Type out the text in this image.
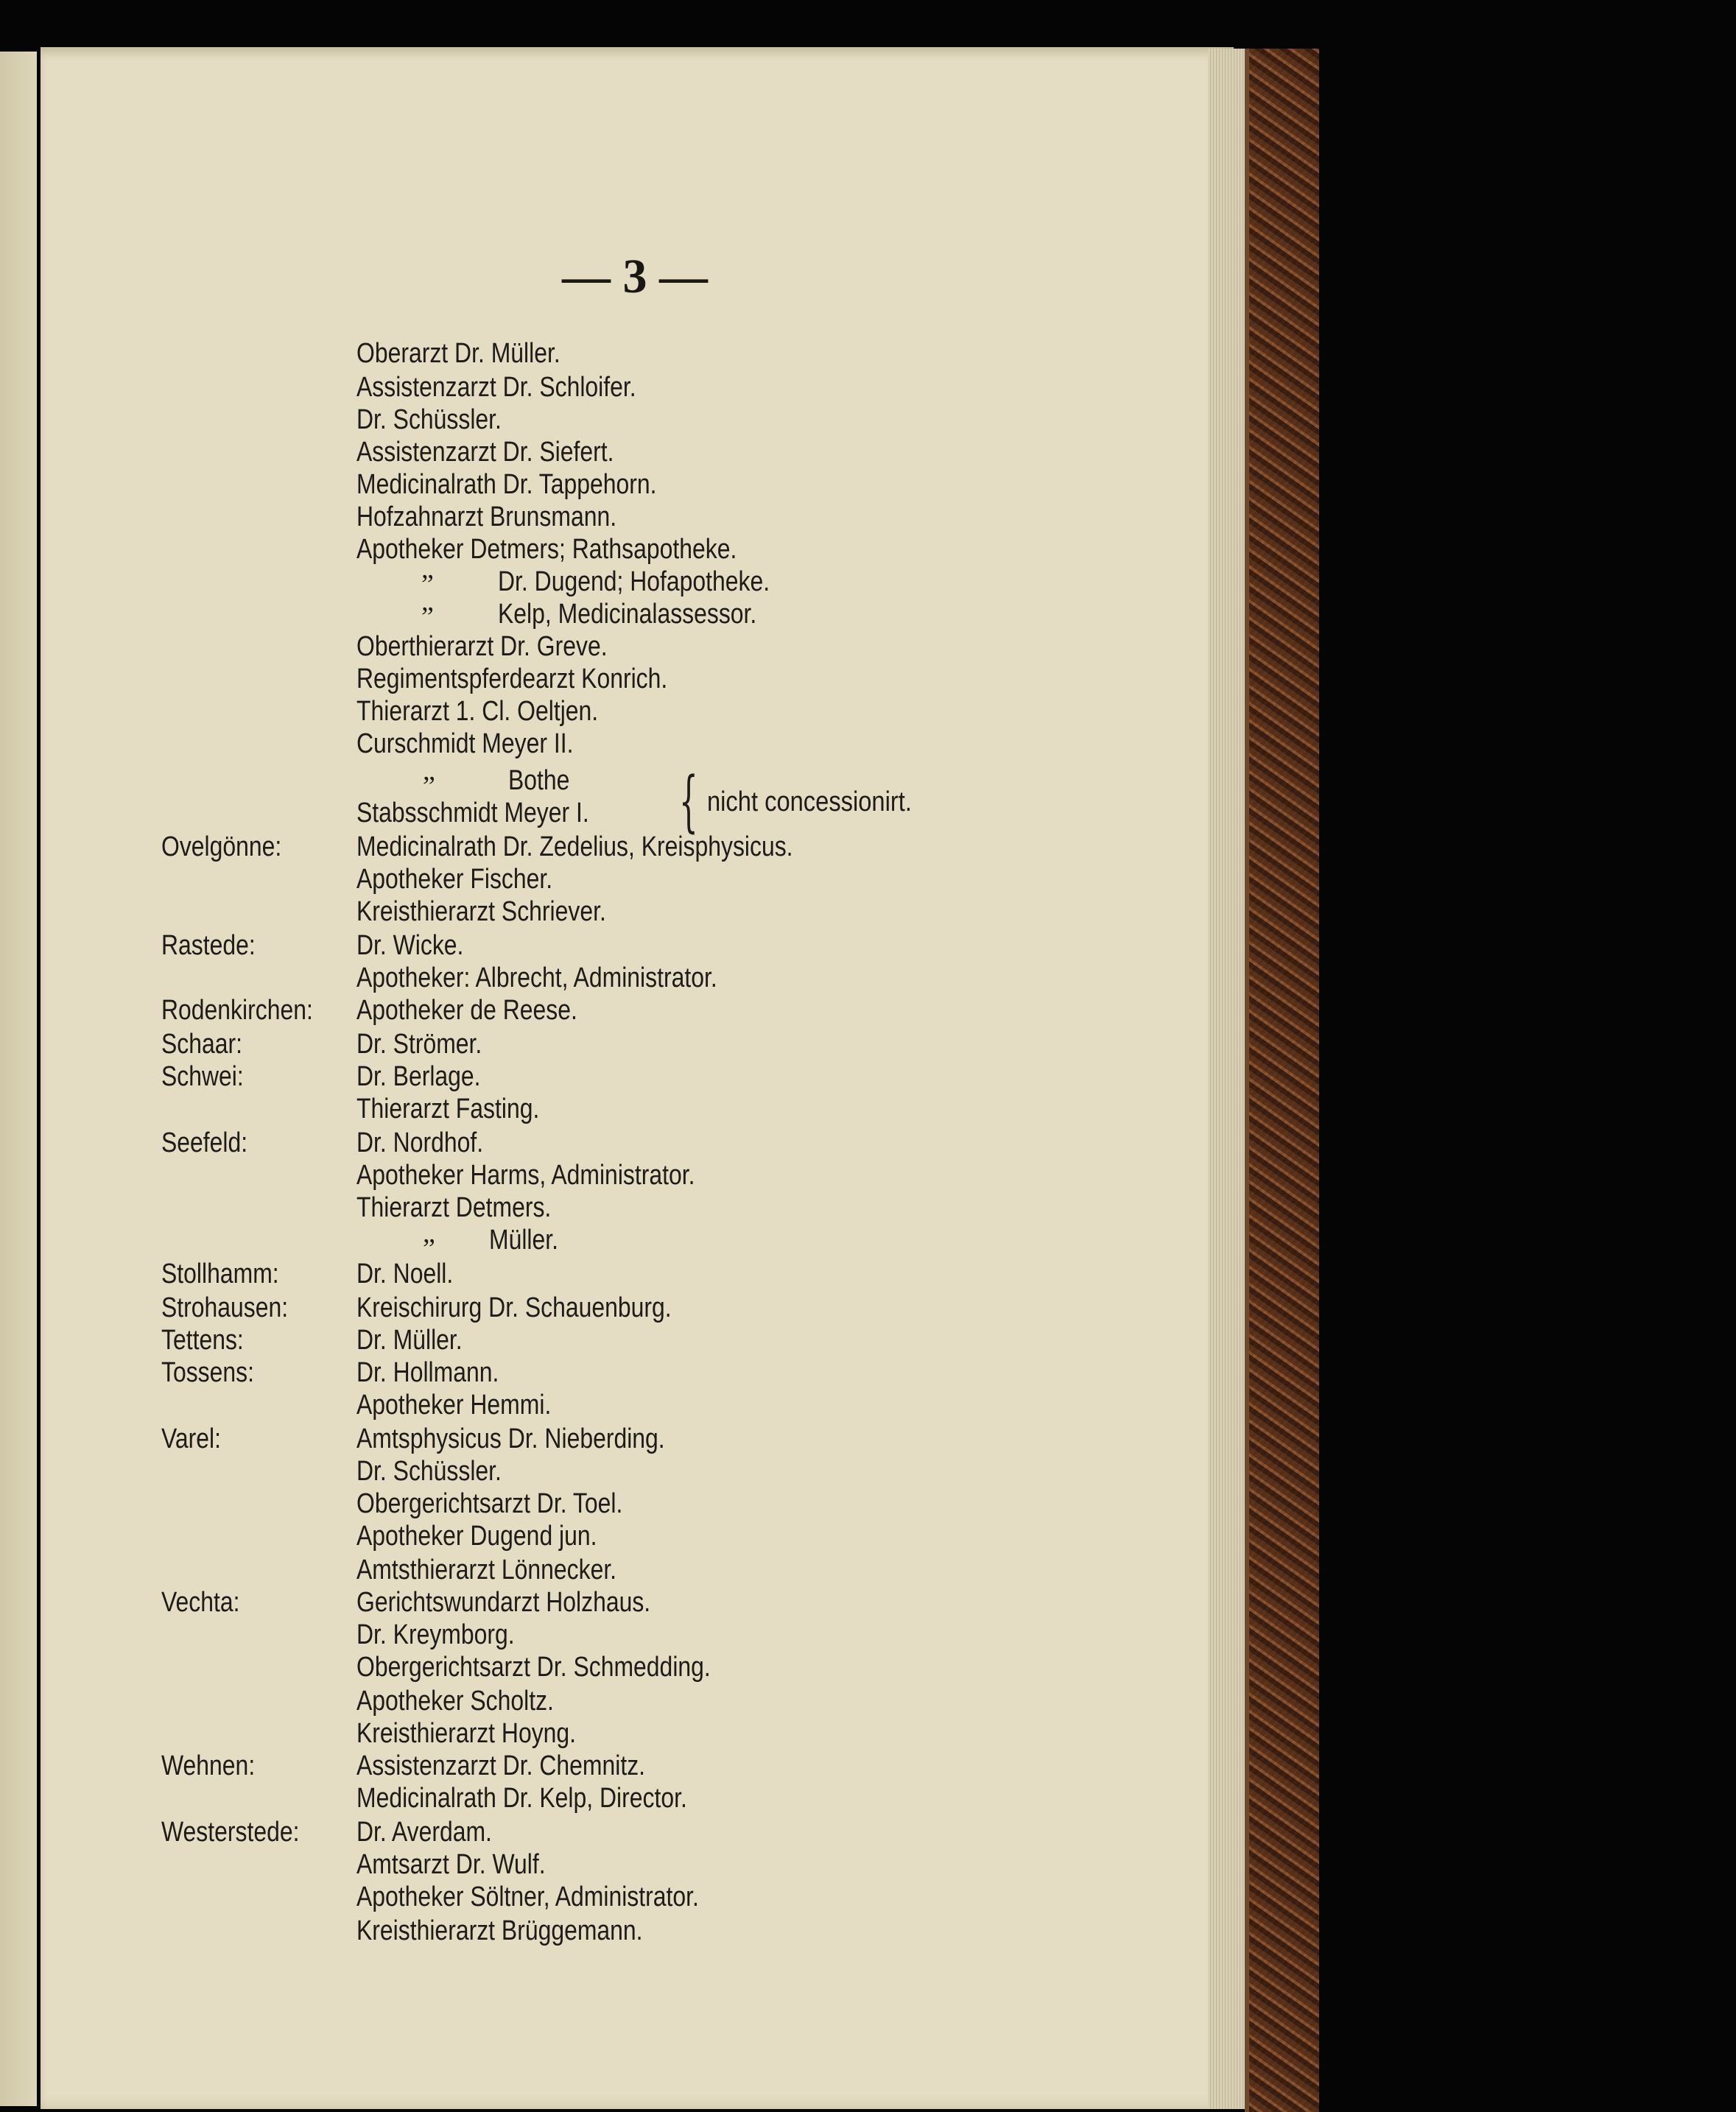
— 3 —
Oberarzt Dr. Müller.
Assistenzarzt Dr. Schloifer.
Dr. Schüssler.
Assistenzarzt Dr. Siefert.
Medicinalrath Dr. Tappehorn.
Hofzahnarzt Brunsmann.
Apotheker Detmers; Rathsapotheke.
” Dr. Dugend; Hofapotheke.
” Kelp, Medicinalassessor.
Oberthierarzt Dr. Greve.
Regimentspferdearzt Konrich.
Thierarzt 1. Cl. Oeltjen.
Curschmidt Meyer II.
”	Bothe
Stabsschmidt Meyer I. { nicht concessionirt.
Ovelgönne:	Medicinalrath Dr. Zedelius, Kreisphysicus.
Apotheker Fischer.
Kreisthierarzt Schriever.
Rastede:	Dr. Wicke.
Apotheker: Albrecht, Administrator.
Rodenkirchen: Apotheker de Reese.
Schaar:	Dr. Strömer.
Schwei:	Dr. Berlage.
Thierarzt Fasting.
Seefeld:	Dr. Nordhof.
Apotheker Harms, Administrator.
Thierarzt Detmers.
” Müller.
Stollhamm:	Dr. Noell.
Strohausen: Kreischirurg Dr. Schauenburg.
Tettens:	Dr. Müller.
Tossens:	Dr. Hollmann.
Apotheker Hemmi.
Varel:	Amtsphysicus Dr. Nieberding.
Dr. Schüssler.
Obergerichtsarzt Dr. Toel.
Apotheker Dugend jun.
Amtsthierarzt Lönnecker.
Vechta:	Gerichtswundarzt Holzhaus.
Dr. Kreymborg.
Obergerichtsarzt Dr. Schmedding.
Apotheker Scholtz.
Kreisthierarzt Hoyng.
Wehnen:	Assistenzarzt Dr. Chemnitz.
Medicinalrath Dr. Kelp, Director.
Westerstede: Dr. Averdam.
Amtsarzt Dr. Wulf.
Apotheker Söltner, Administrator.
Kreisthierarzt Brüggemann.
